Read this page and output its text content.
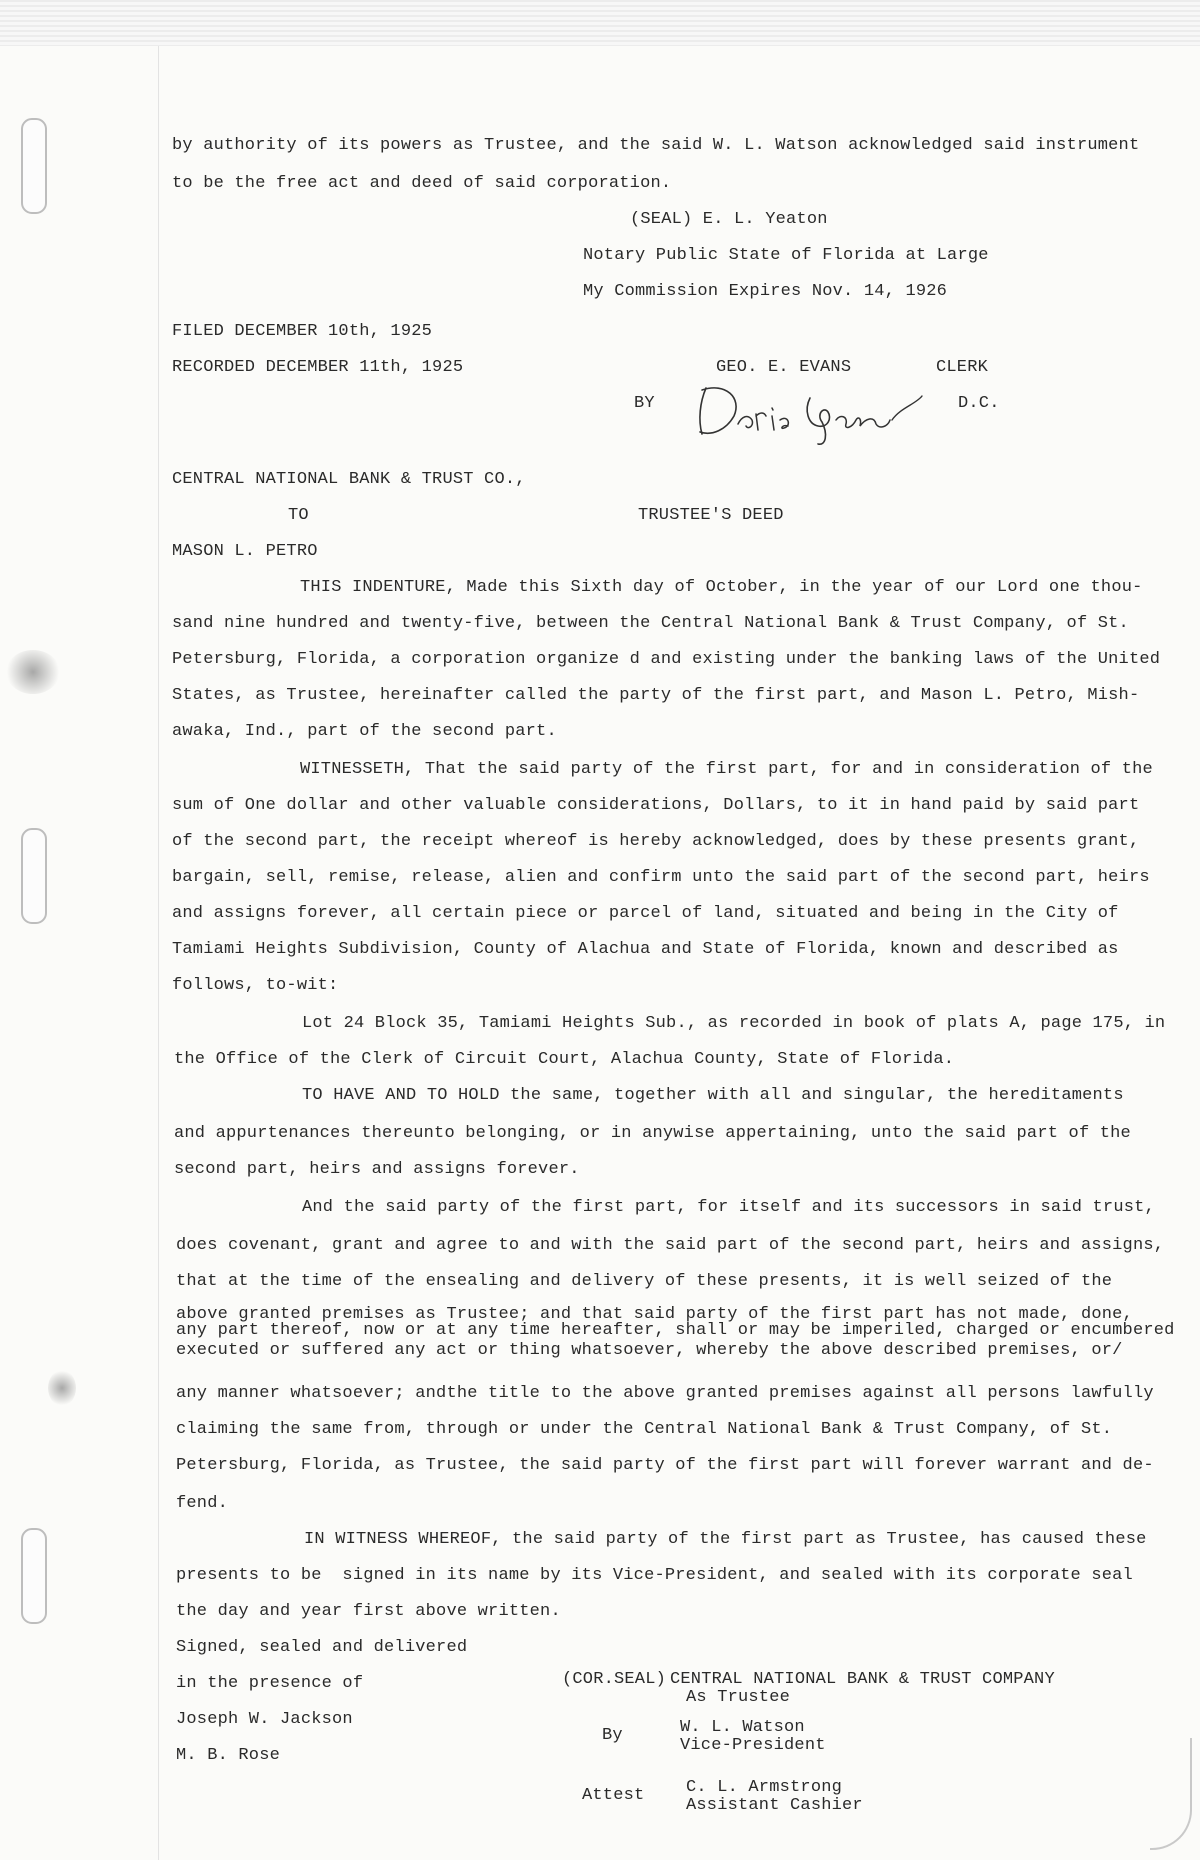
by authority of its powers as Trustee, and the said W. L. Watson acknowledged said instrument

to be the free act and deed of said corporation.

(SEAL) E. L. Yeaton

Notary Public State of Florida at Large

My Commission Expires Nov. 14, 1926

FILED DECEMBER 10th, 1925

RECORDED DECEMBER 11th, 1925	GEO. E. EVANS	CLERK

BY	D.C.

CENTRAL NATIONAL BANK & TRUST CO.,

TO	TRUSTEE'S DEED

MASON L. PETRO

THIS INDENTURE, Made this Sixth day of October, in the year of our Lord one thou-

sand nine hundred and twenty-five, between the Central National Bank & Trust Company, of St.

Petersburg, Florida, a corporation organize d and existing under the banking laws of the United

States, as Trustee, hereinafter called the party of the first part, and Mason L. Petro, Mish-

awaka, Ind., part of the second part.

WITNESSETH, That the said party of the first part, for and in consideration of the

sum of One dollar and other valuable considerations, Dollars, to it in hand paid by said part

of the second part, the receipt whereof is hereby acknowledged, does by these presents grant,

bargain, sell, remise, release, alien and confirm unto the said part of the second part, heirs

and assigns forever, all certain piece or parcel of land, situated and being in the City of

Tamiami Heights Subdivision, County of Alachua and State of Florida, known and described as

follows, to-wit:

Lot 24 Block 35, Tamiami Heights Sub., as recorded in book of plats A, page 175, in

the Office of the Clerk of Circuit Court, Alachua County, State of Florida.

TO HAVE AND TO HOLD the same, together with all and singular, the hereditaments

and appurtenances thereunto belonging, or in anywise appertaining, unto the said part of the

second part, heirs and assigns forever.

And the said party of the first part, for itself and its successors in said trust,

does covenant, grant and agree to and with the said part of the second part, heirs and assigns,

that at the time of the ensealing and delivery of these presents, it is well seized of the

above granted premises as Trustee; and that said party of the first part has not made, done,

any part thereof, now or at any time hereafter, shall or may be imperiled, charged or encumbered

executed or suffered any act or thing whatsoever, whereby the above described premises, or/

any manner whatsoever; andthe title to the above granted premises against all persons lawfully

claiming the same from, through or under the Central National Bank & Trust Company, of St.

Petersburg, Florida, as Trustee, the said party of the first part will forever warrant and de-

fend.

IN WITNESS WHEREOF, the said party of the first part as Trustee, has caused these

presents to be  signed in its name by its Vice-President, and sealed with its corporate seal

the day and year first above written.

Signed, sealed and delivered

in the presence of

Joseph W. Jackson

M. B. Rose

(COR.SEAL) CENTRAL NATIONAL BANK & TRUST COMPANY

As Trustee

By	W. L. Watson

Vice-President

Attest C. L. Armstrong

Assistant Cashier
